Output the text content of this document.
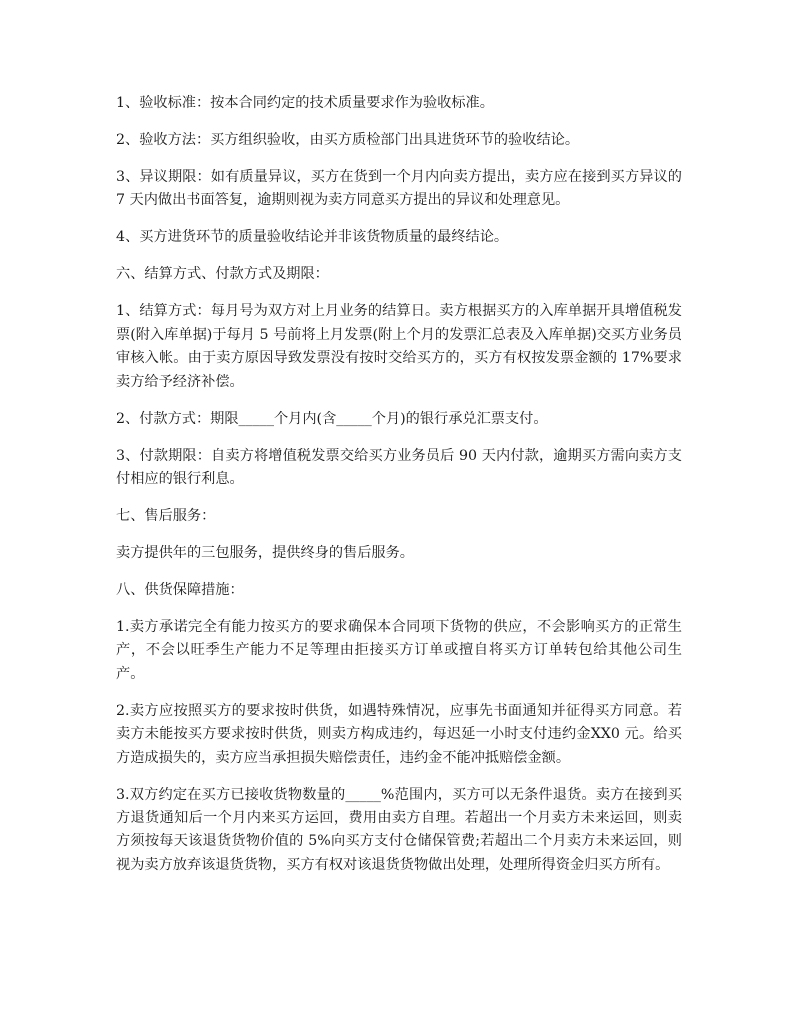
1、验收标准：按本合同约定的技术质量要求作为验收标准。

2、验收方法：买方组织验收，由买方质检部门出具进货环节的验收结论。

3、异议期限：如有质量异议，买方在货到一个月内向卖方提出，卖方应在接到买方异议的 7 天内做出书面答复，逾期则视为卖方同意买方提出的异议和处理意见。

4、买方进货环节的质量验收结论并非该货物质量的最终结论。

六、结算方式、付款方式及期限：

1、结算方式：每月号为双方对上月业务的结算日。卖方根据买方的入库单据开具增值税发票(附入库单据)于每月 5 号前将上月发票(附上个月的发票汇总表及入库单据)交买方业务员审核入帐。由于卖方原因导致发票没有按时交给买方的，买方有权按发票金额的 17%要求卖方给予经济补偿。

2、付款方式：期限_____个月内(含_____个月)的银行承兑汇票支付。

3、付款期限：自卖方将增值税发票交给买方业务员后 90 天内付款，逾期买方需向卖方支付相应的银行利息。

七、售后服务：

卖方提供年的三包服务，提供终身的售后服务。

八、供货保障措施：

1.卖方承诺完全有能力按买方的要求确保本合同项下货物的供应，不会影响买方的正常生产，不会以旺季生产能力不足等理由拒接买方订单或擅自将买方订单转包给其他公司生产。

2.卖方应按照买方的要求按时供货，如遇特殊情况，应事先书面通知并征得买方同意。若卖方未能按买方要求按时供货，则卖方构成违约，每迟延一小时支付违约金XX0 元。给买方造成损失的，卖方应当承担损失赔偿责任，违约金不能冲抵赔偿金额。

3.双方约定在买方已接收货物数量的_____%范围内，买方可以无条件退货。卖方在接到买方退货通知后一个月内来买方运回，费用由卖方自理。若超出一个月卖方未来运回，则卖方须按每天该退货货物价值的 5%向买方支付仓储保管费;若超出二个月卖方未来运回，则视为卖方放弃该退货货物，买方有权对该退货货物做出处理，处理所得资金归买方所有。
